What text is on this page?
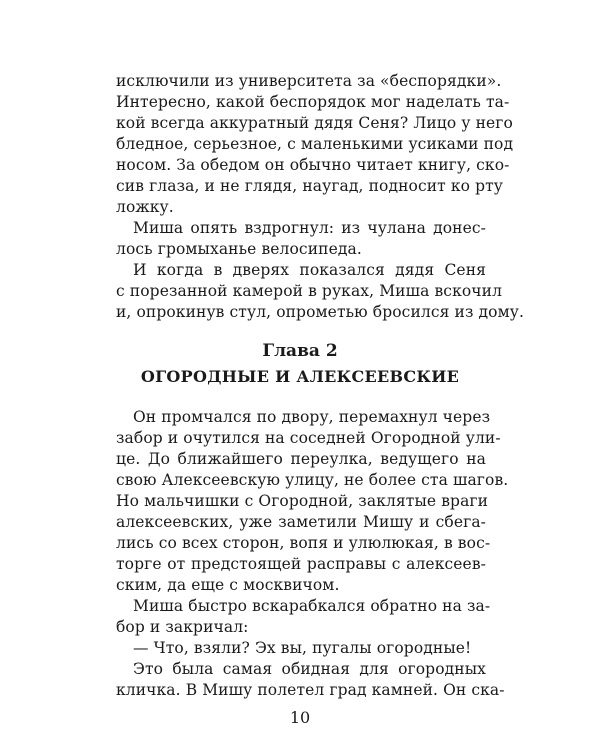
исключили из университета за «беспорядки».
Интересно, какой беспорядок мог наделать та-
кой всегда аккуратный дядя Сеня? Лицо у него
бледное, серьезное, с маленькими усиками под
носом. За обедом он обычно читает книгу, ско-
сив глаза, и не глядя, наугад, подносит ко рту
ложку.
Миша опять вздрогнул: из чулана донес-
лось громыханье велосипеда.
И когда в дверях показался дядя Сеня
с порезанной камерой в руках, Миша вскочил
и, опрокинув стул, опрометью бросился из дому.
Глава 2
ОГОРОДНЫЕ И АЛЕКСЕЕВСКИЕ
Он промчался по двору, перемахнул через
забор и очутился на соседней Огородной ули-
це. До ближайшего переулка, ведущего на
свою Алексеевскую улицу, не более ста шагов.
Но мальчишки с Огородной, заклятые враги
алексеевских, уже заметили Мишу и сбега-
лись со всех сторон, вопя и улюлюкая, в вос-
торге от предстоящей расправы с алексеев-
ским, да еще с москвичом.
Миша быстро вскарабкался обратно на за-
бор и закричал:
— Что, взяли? Эх вы, пугалы огородные!
Это была самая обидная для огородных
кличка. В Мишу полетел град камней. Он ска-
10
